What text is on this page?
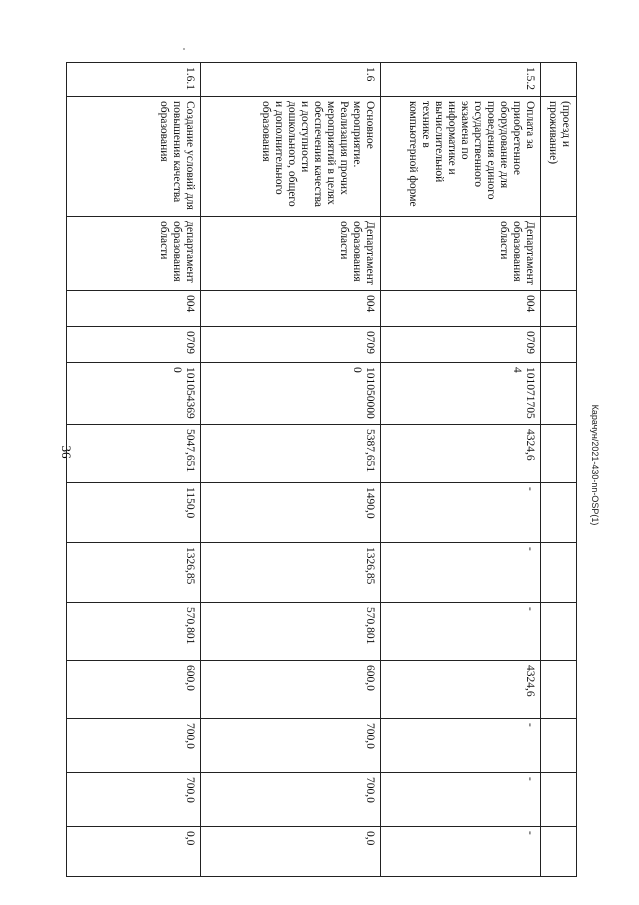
36	Карачун/2021-430-nn-OSP(1)
	(проезд и проживание)												
1.5.2	Оплата за приобретенное оборудование для проведения единого государственного экзамена по информатике и вычислительной технике в компьютерной форме	Департамент образования области	004	0709	1010717054	4324,6	-	-	-	4324,6	-	-	-
1.6	Основное мероприятие. Реализация прочих мероприятий в целях обеспечения качества и доступности дошкольного, общего и дополнительного образования	Департамент образования области	004	0709	1010500000	5387,651	1490,0	1326,85	570,801	600,0	700,0	700,0	0,0
1.6.1	Создание условий для повышения качества образования	департамент образования области	004	0709	1010543690	5047,651	1150,0	1326,85	570,801	600,0	700,0	700,0	0,0
